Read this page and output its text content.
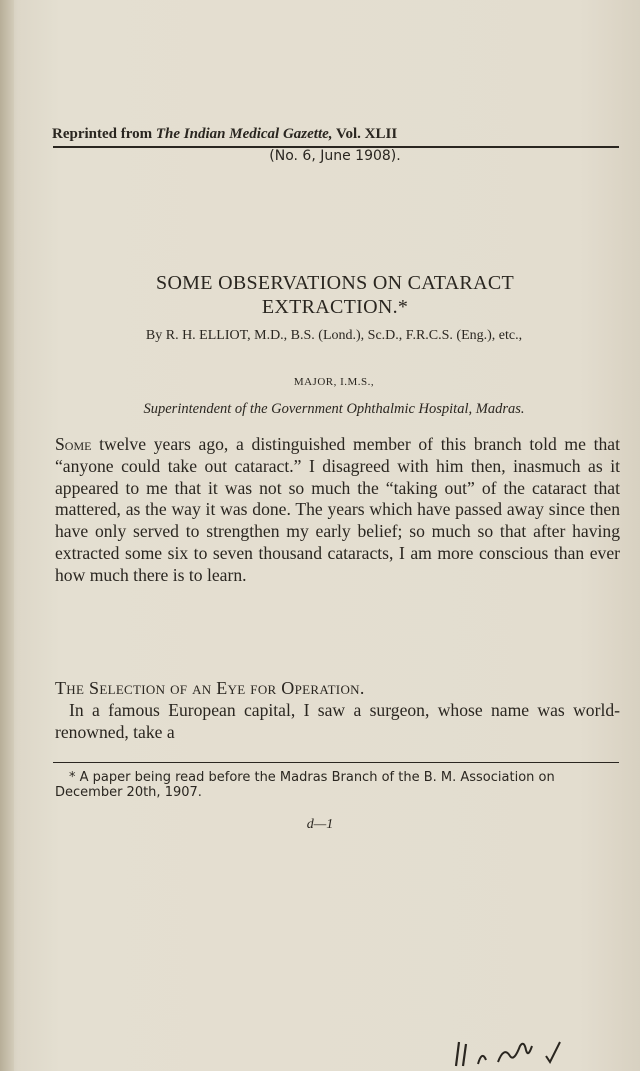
Reprinted from The Indian Medical Gazette, Vol. XLII
(No. 6, June 1908).
SOME OBSERVATIONS ON CATARACT
EXTRACTION.*
By R. H. ELLIOT, M.D., B.S. (Lond.), Sc.D., F.R.C.S. (Eng.), etc.,
MAJOR, I.M.S.,
Superintendent of the Government Ophthalmic Hospital, Madras.

Some twelve years ago, a distinguished member of this branch told me that “anyone could take out cataract.” I disagreed with him then, inasmuch as it appeared to me that it was not so much the “taking out” of the cataract that mattered, as the way it was done. The years which have passed away since then have only served to strengthen my early belief; so much so that after having extracted some six to seven thousand cataracts, I am more conscious than ever how much there is to learn.

The Selection of an Eye for Operation.

In a famous European capital, I saw a surgeon, whose name was world-renowned, take a

* A paper being read before the Madras Branch of the B. M. Association on December 20th, 1907.

d—1
